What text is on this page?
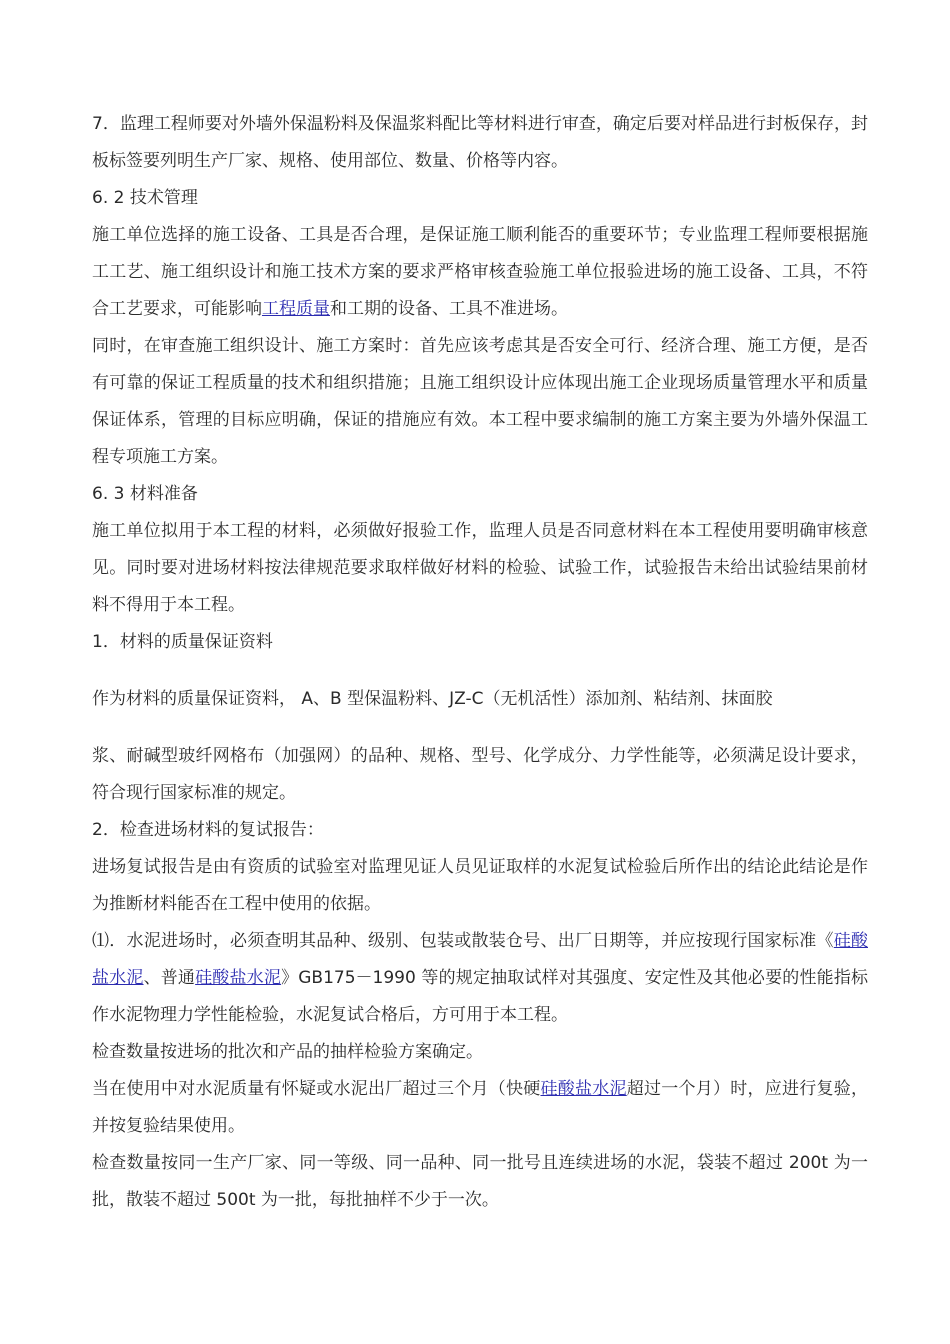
7．监理工程师要对外墙外保温粉料及保温浆料配比等材料进行审查，确定后要对样品进行封板保存，封板标签要列明生产厂家、规格、使用部位、数量、价格等内容。

6. 2 技术管理

施工单位选择的施工设备、工具是否合理，是保证施工顺利能否的重要环节；专业监理工程师要根据施工工艺、施工组织设计和施工技术方案的要求严格审核查验施工单位报验进场的施工设备、工具，不符合工艺要求，可能影响工程质量和工期的设备、工具不准进场。

同时，在审查施工组织设计、施工方案时：首先应该考虑其是否安全可行、经济合理、施工方便，是否有可靠的保证工程质量的技术和组织措施；且施工组织设计应体现出施工企业现场质量管理水平和质量保证体系，管理的目标应明确，保证的措施应有效。本工程中要求编制的施工方案主要为外墙外保温工程专项施工方案。

6. 3 材料准备

施工单位拟用于本工程的材料，必须做好报验工作，监理人员是否同意材料在本工程使用要明确审核意见。同时要对进场材料按法律规范要求取样做好材料的检验、试验工作，试验报告未给出试验结果前材料不得用于本工程。

1．材料的质量保证资料

作为材料的质量保证资料， A、B 型保温粉料、JZ-C（无机活性）添加剂、粘结剂、抹面胶

浆、耐碱型玻纤网格布（加强网）的品种、规格、型号、化学成分、力学性能等，必须满足设计要求，符合现行国家标准的规定。

2．检查进场材料的复试报告：

进场复试报告是由有资质的试验室对监理见证人员见证取样的水泥复试检验后所作出的结论此结论是作为推断材料能否在工程中使用的依据。

⑴．水泥进场时，必须查明其品种、级别、包装或散装仓号、出厂日期等，并应按现行国家标准《硅酸盐水泥、普通硅酸盐水泥》GB175－1990 等的规定抽取试样对其强度、安定性及其他必要的性能指标作水泥物理力学性能检验，水泥复试合格后，方可用于本工程。

检查数量按进场的批次和产品的抽样检验方案确定。

当在使用中对水泥质量有怀疑或水泥出厂超过三个月（快硬硅酸盐水泥超过一个月）时，应进行复验，并按复验结果使用。

检查数量按同一生产厂家、同一等级、同一品种、同一批号且连续进场的水泥，袋装不超过 200t 为一批，散装不超过 500t 为一批，每批抽样不少于一次。
